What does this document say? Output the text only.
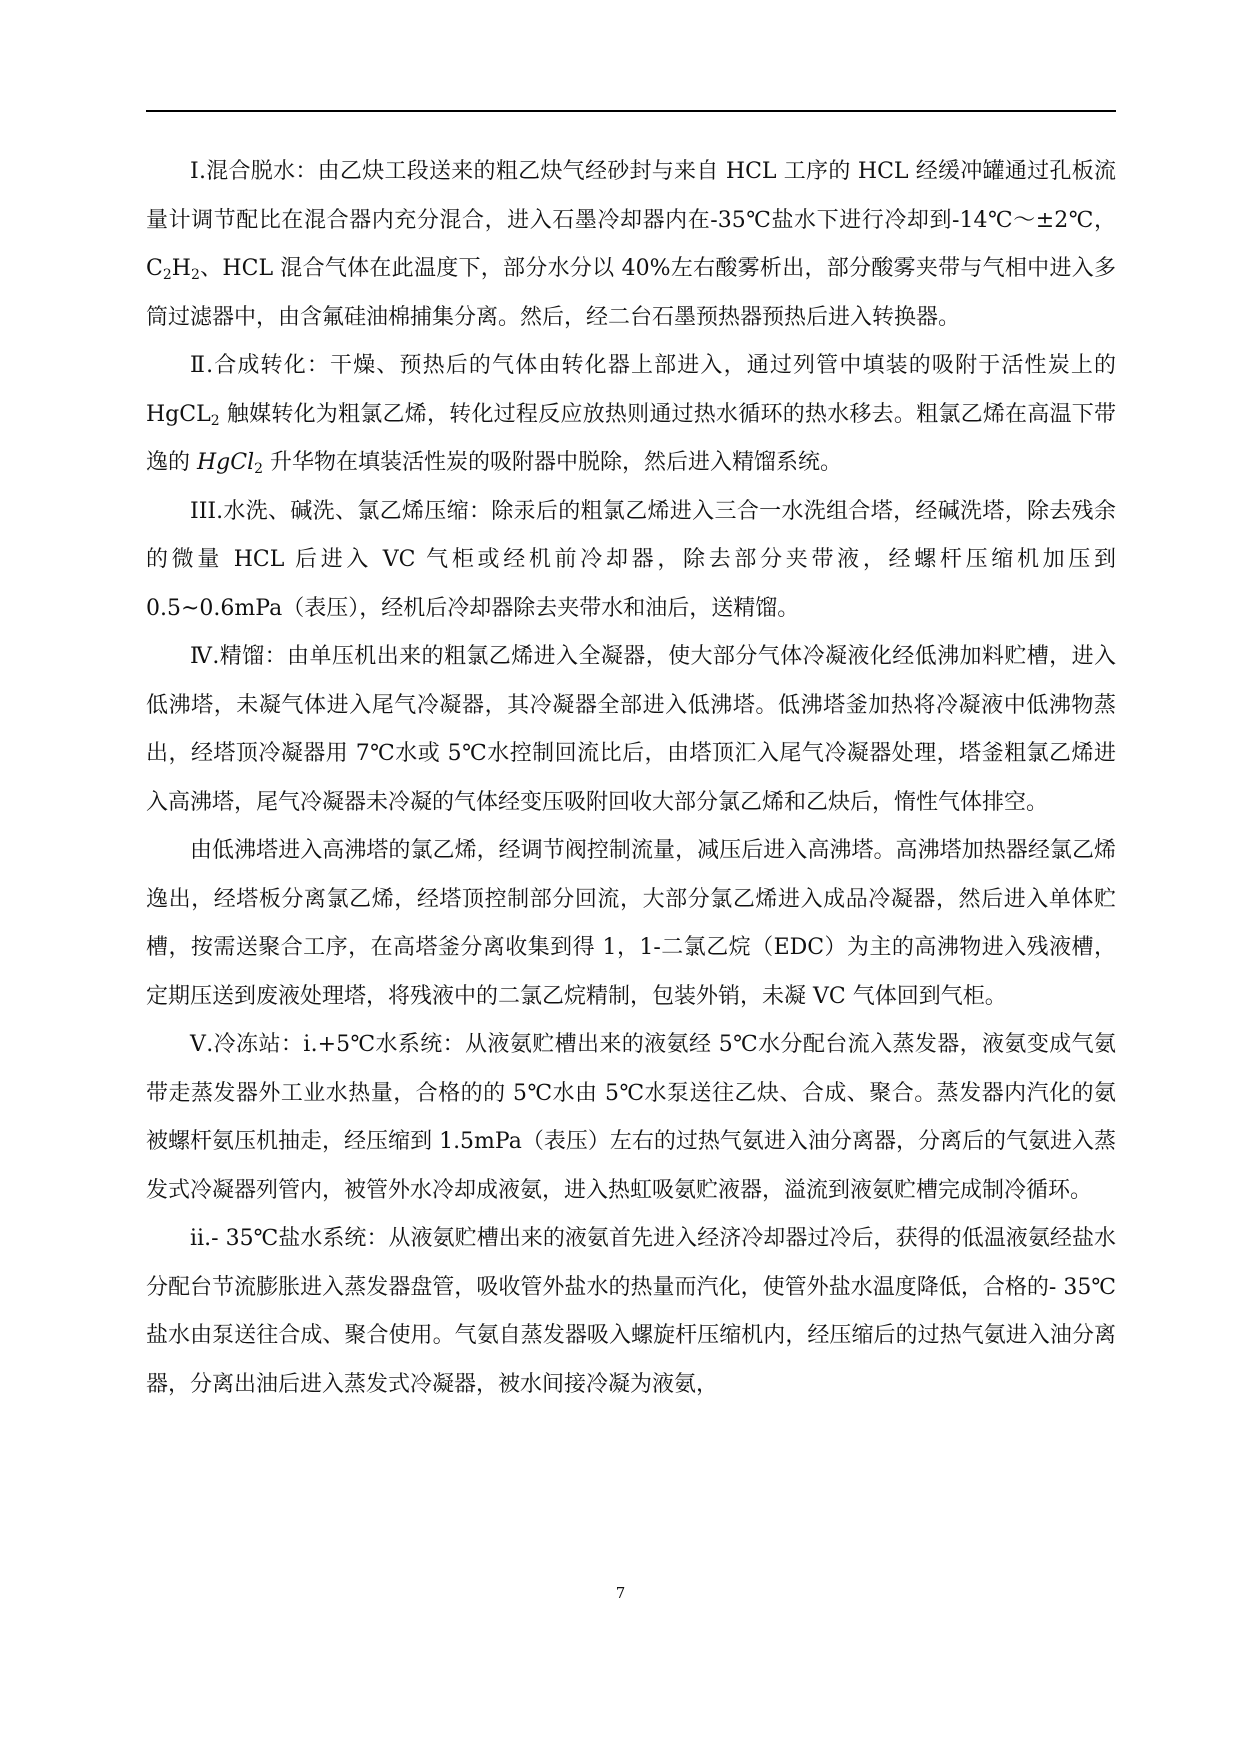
Ⅰ.混合脱水：由乙炔工段送来的粗乙炔气经砂封与来自 HCL 工序的 HCL 经缓冲罐通过孔板流量计调节配比在混合器内充分混合，进入石墨冷却器内在-35℃盐水下进行冷却到-14℃～±2℃，$C_2H_2$、HCL 混合气体在此温度下，部分水分以 40%左右酸雾析出，部分酸雾夹带与气相中进入多筒过滤器中，由含氟硅油棉捕集分离。然后，经二台石墨预热器预热后进入转换器。

Ⅱ.合成转化：干燥、预热后的气体由转化器上部进入，通过列管中填装的吸附于活性炭上的 HgCL$_2$ 触媒转化为粗氯乙烯，转化过程反应放热则通过热水循环的热水移去。粗氯乙烯在高温下带逸的 HgCl$_2$ 升华物在填装活性炭的吸附器中脱除，然后进入精馏系统。

III.水洗、碱洗、氯乙烯压缩：除汞后的粗氯乙烯进入三合一水洗组合塔，经碱洗塔，除去残余的微量 HCL 后进入 VC 气柜或经机前冷却器，除去部分夹带液，经螺杆压缩机加压到 0.5~0.6mPa（表压），经机后冷却器除去夹带水和油后，送精馏。

Ⅳ.精馏：由单压机出来的粗氯乙烯进入全凝器，使大部分气体冷凝液化经低沸加料贮槽，进入低沸塔，未凝气体进入尾气冷凝器，其冷凝器全部进入低沸塔。低沸塔釜加热将冷凝液中低沸物蒸出，经塔顶冷凝器用 7℃水或 5℃水控制回流比后，由塔顶汇入尾气冷凝器处理，塔釜粗氯乙烯进入高沸塔，尾气冷凝器未冷凝的气体经变压吸附回收大部分氯乙烯和乙炔后，惰性气体排空。

由低沸塔进入高沸塔的氯乙烯，经调节阀控制流量，减压后进入高沸塔。高沸塔加热器经氯乙烯逸出，经塔板分离氯乙烯，经塔顶控制部分回流，大部分氯乙烯进入成品冷凝器，然后进入单体贮槽，按需送聚合工序，在高塔釜分离收集到得 1，1-二氯乙烷（EDC）为主的高沸物进入残液槽，定期压送到废液处理塔，将残液中的二氯乙烷精制，包装外销，未凝 VC 气体回到气柜。

Ⅴ.冷冻站：ⅰ.+5℃水系统：从液氨贮槽出来的液氨经 5℃水分配台流入蒸发器，液氨变成气氨带走蒸发器外工业水热量，合格的的 5℃水由 5℃水泵送往乙炔、合成、聚合。蒸发器内汽化的氨被螺杆氨压机抽走，经压缩到 1.5mPa（表压）左右的过热气氨进入油分离器，分离后的气氨进入蒸发式冷凝器列管内，被管外水冷却成液氨，进入热虹吸氨贮液器，溢流到液氨贮槽完成制冷循环。

ⅱ.- 35℃盐水系统：从液氨贮槽出来的液氨首先进入经济冷却器过冷后，获得的低温液氨经盐水分配台节流膨胀进入蒸发器盘管，吸收管外盐水的热量而汽化，使管外盐水温度降低，合格的- 35℃盐水由泵送往合成、聚合使用。气氨自蒸发器吸入螺旋杆压缩机内，经压缩后的过热气氨进入油分离器，分离出油后进入蒸发式冷凝器，被水间接冷凝为液氨，

7
